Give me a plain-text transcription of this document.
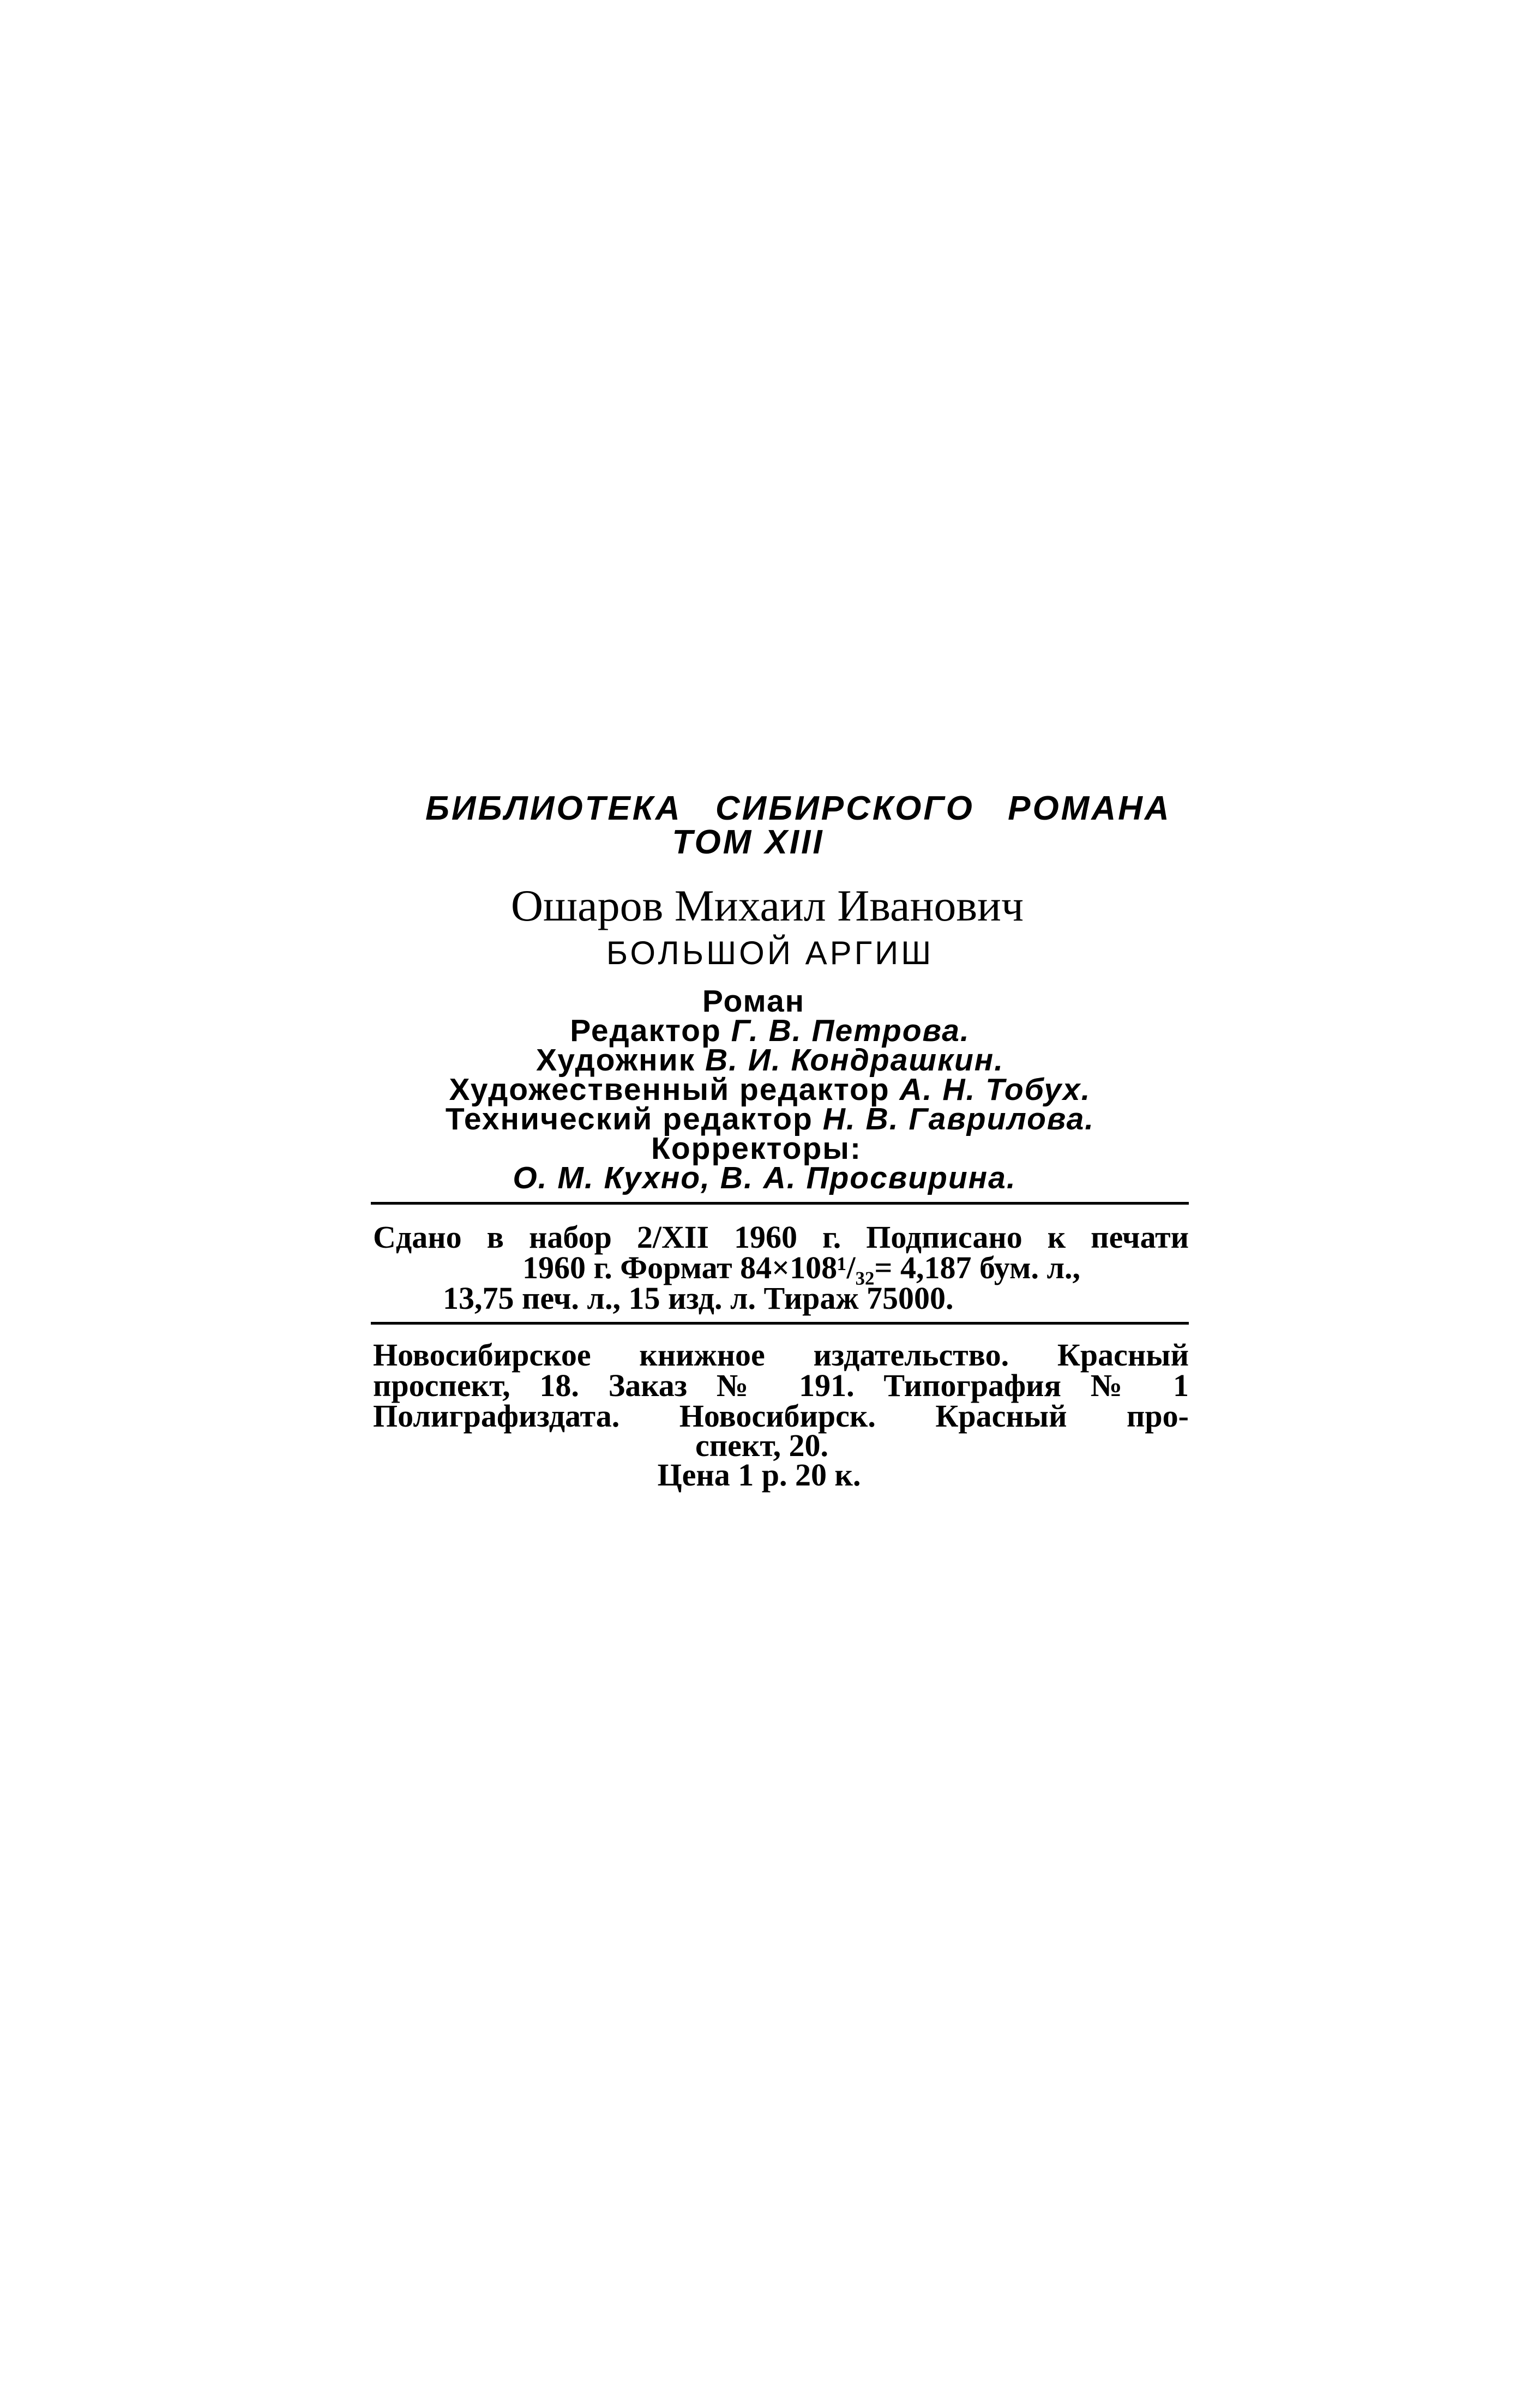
БИБЛИОТЕКА СИБИРСКОГО РОМАНА
ТОМ XIII
Ошаров Михаил Иванович
БОЛЬШОЙ АРГИШ
Роман
Редактор Г. В. Петрова.
Художник В. И. Кондрашкин.
Художественный редактор А. Н. Тобух.
Технический редактор Н. В. Гаврилова.
Корректоры:
О. М. Кухно, В. А. Просвирина.
Сдано в набор 2/XII 1960 г. Подписано к печати
1960 г. Формат 84×108¹/₃₂= 4,187 бум. л.,
13,75 печ. л., 15 изд. л. Тираж 75000.
Новосибирское книжное издательство. Красный
проспект, 18. Заказ № 191. Типография № 1
Полиграфиздата. Новосибирск. Красный про-
спект, 20.
Цена 1 р. 20 к.
